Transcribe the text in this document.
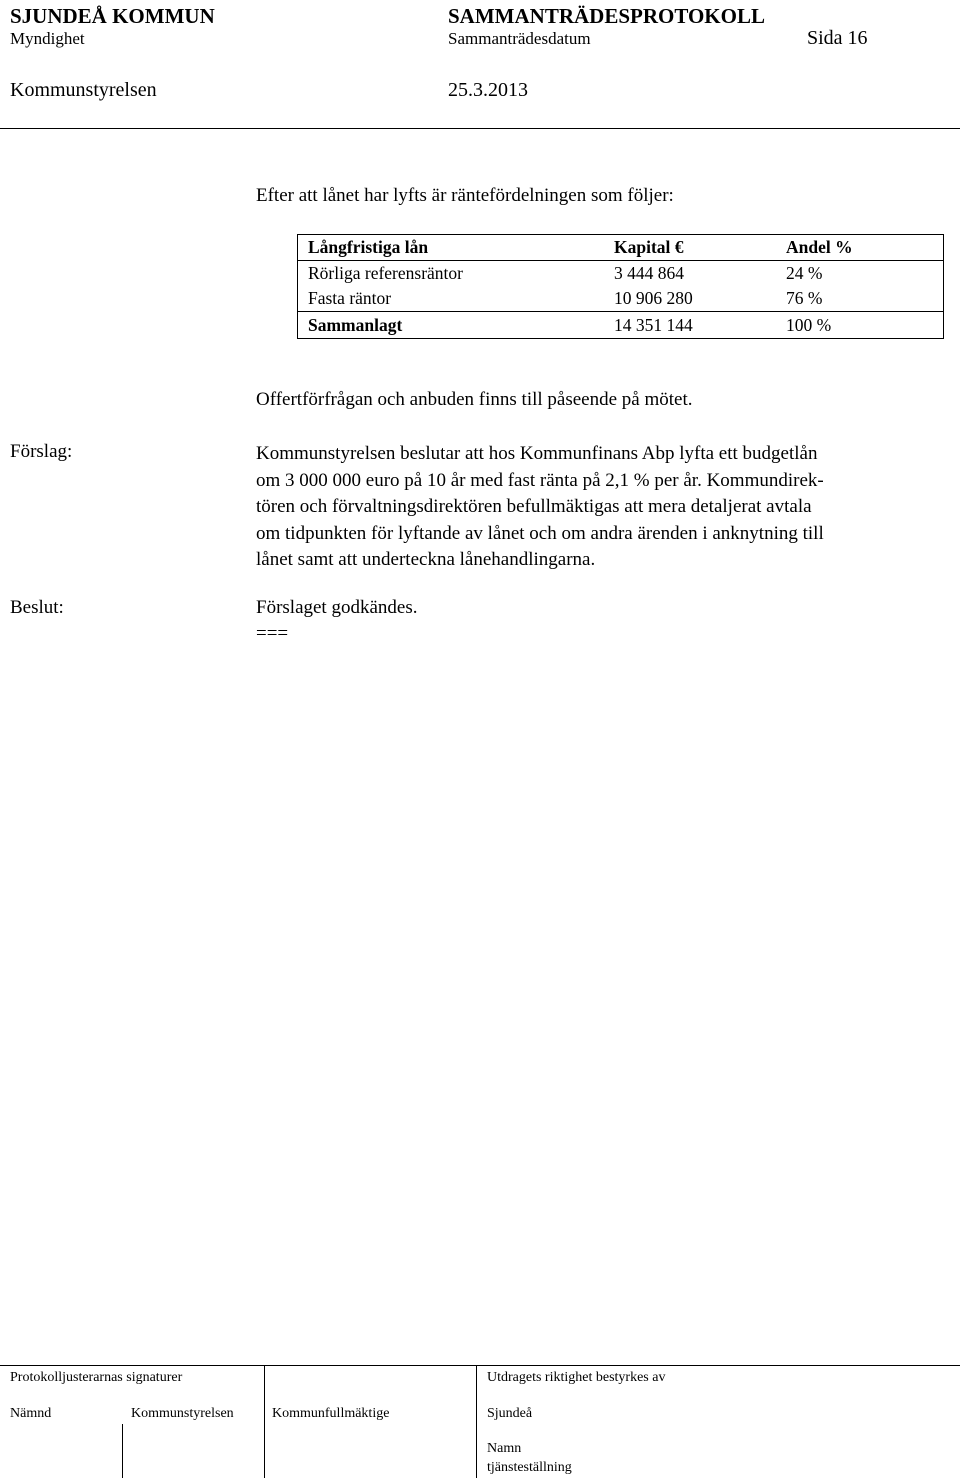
SJUNDEÅ KOMMUN	SAMMANTRÄDESPROTOKOLL
Myndighet	Sammanträdesdatum	Sida 16
Kommunstyrelsen	25.3.2013
Efter att lånet har lyfts är räntefördelningen som följer:
Långfristiga lån	Kapital €	Andel %
Rörliga referensräntor	3 444 864	24 %
Fasta räntor	10 906 280	76 %
Sammanlagt	14 351 144	100 %
Offertförfrågan och anbuden finns till påseende på mötet.
Förslag:	Kommunstyrelsen beslutar att hos Kommunfinans Abp lyfta ett budgetlån
om 3 000 000 euro på 10 år med fast ränta på 2,1 % per år. Kommundirek-
tören och förvaltningsdirektören befullmäktigas att mera detaljerat avtala
om tidpunkten för lyftande av lånet och om andra ärenden i anknytning till
lånet samt att underteckna lånehandlingarna.
Beslut:	Förslaget godkändes.
===
Protokolljusterarnas signaturer	Utdragets riktighet bestyrkes av
Nämnd	Kommunstyrelsen	Kommunfullmäktige	Sjundeå
Namn
tjänsteställning
